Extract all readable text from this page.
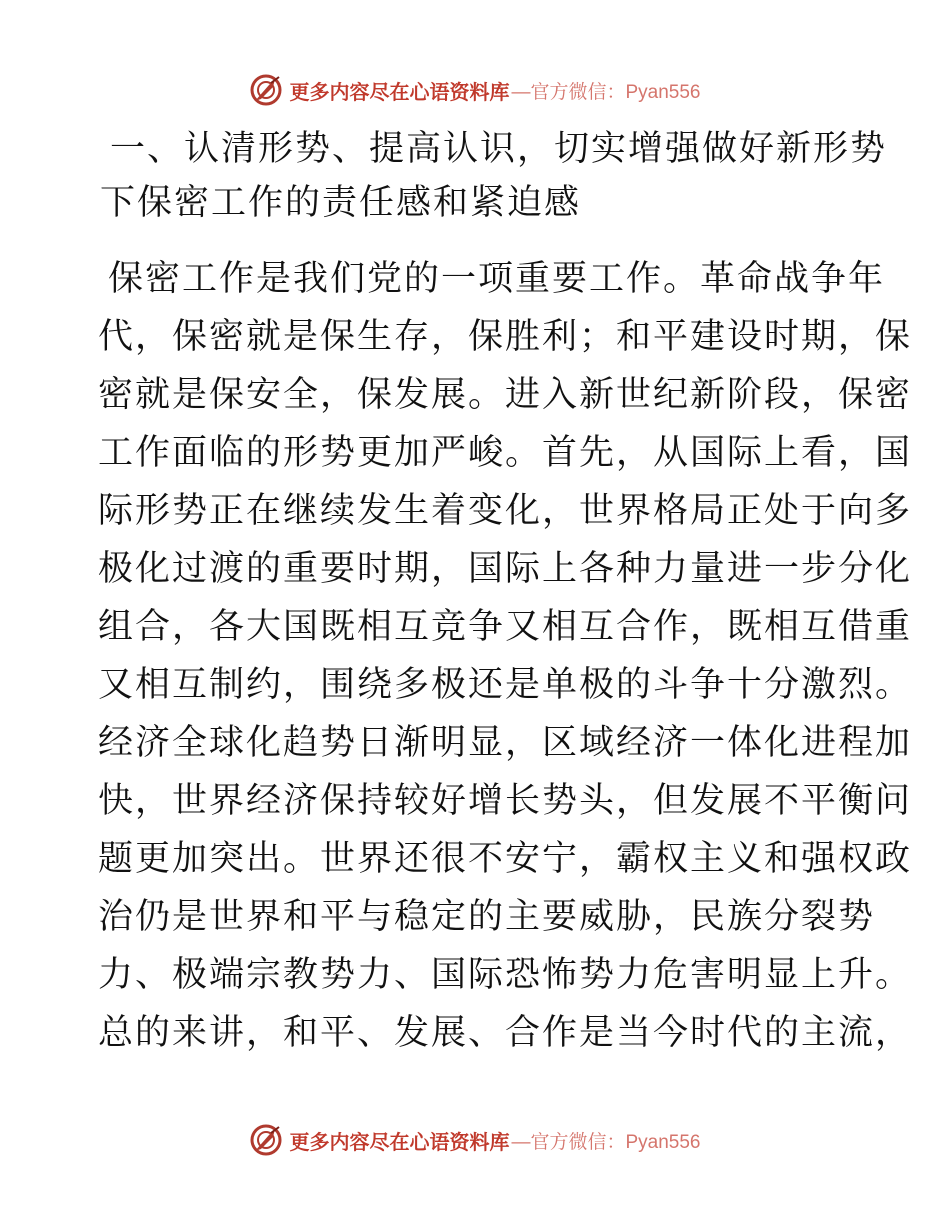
更多内容尽在心语资料库 —官方微信：Pyan556
一、认清形势、提高认识，切实增强做好新形势
下保密工作的责任感和紧迫感
保密工作是我们党的一项重要工作。革命战争年
代，保密就是保生存，保胜利；和平建设时期，保
密就是保安全，保发展。进入新世纪新阶段，保密
工作面临的形势更加严峻。首先，从国际上看，国
际形势正在继续发生着变化，世界格局正处于向多
极化过渡的重要时期，国际上各种力量进一步分化
组合，各大国既相互竞争又相互合作，既相互借重
又相互制约，围绕多极还是单极的斗争十分激烈。
经济全球化趋势日渐明显，区域经济一体化进程加
快，世界经济保持较好增长势头，但发展不平衡问
题更加突出。世界还很不安宁，霸权主义和强权政
治仍是世界和平与稳定的主要威胁，民族分裂势
力、极端宗教势力、国际恐怖势力危害明显上升。
总的来讲，和平、发展、合作是当今时代的主流，
更多内容尽在心语资料库 —官方微信：Pyan556
